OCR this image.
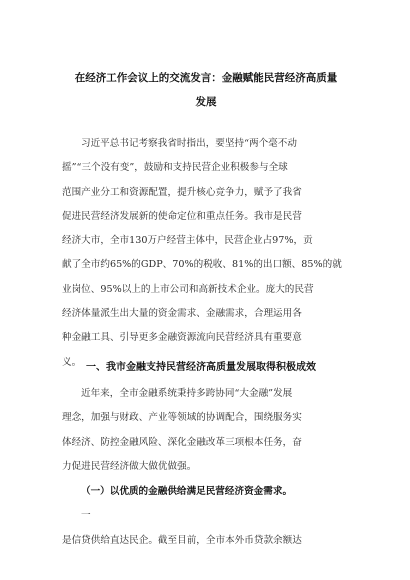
在经济工作会议上的交流发言：金融赋能民营经济高质量
发展

习近平总书记考察我省时指出，要坚持“两个毫不动
摇”“三个没有变”，鼓励和支持民营企业积极参与全球
范围产业分工和资源配置，提升核心竞争力，赋予了我省
促进民营经济发展新的使命定位和重点任务。我市是民营
经济大市，全市130万户经营主体中，民营企业占97%，贡
献了全市约65%的GDP、70%的税收、81%的出口额、85%的就
业岗位、95%以上的上市公司和高新技术企业。庞大的民营
经济体量派生出大量的资金需求、金融需求，合理运用各
种金融工具、引导更多金融资源流向民营经济具有重要意
义。 一、我市金融支持民营经济高质量发展取得积极成效

近年来，全市金融系统秉持多跨协同“大金融”发展
理念，加强与财政、产业等领域的协调配合，围绕服务实
体经济、防控金融风险、深化金融改革三项根本任务，奋
力促进民营经济做大做优做强。

（一）以优质的金融供给满足民营经济资金需求。
一
是信贷供给直达民企。截至目前，全市本外币贷款余额达
